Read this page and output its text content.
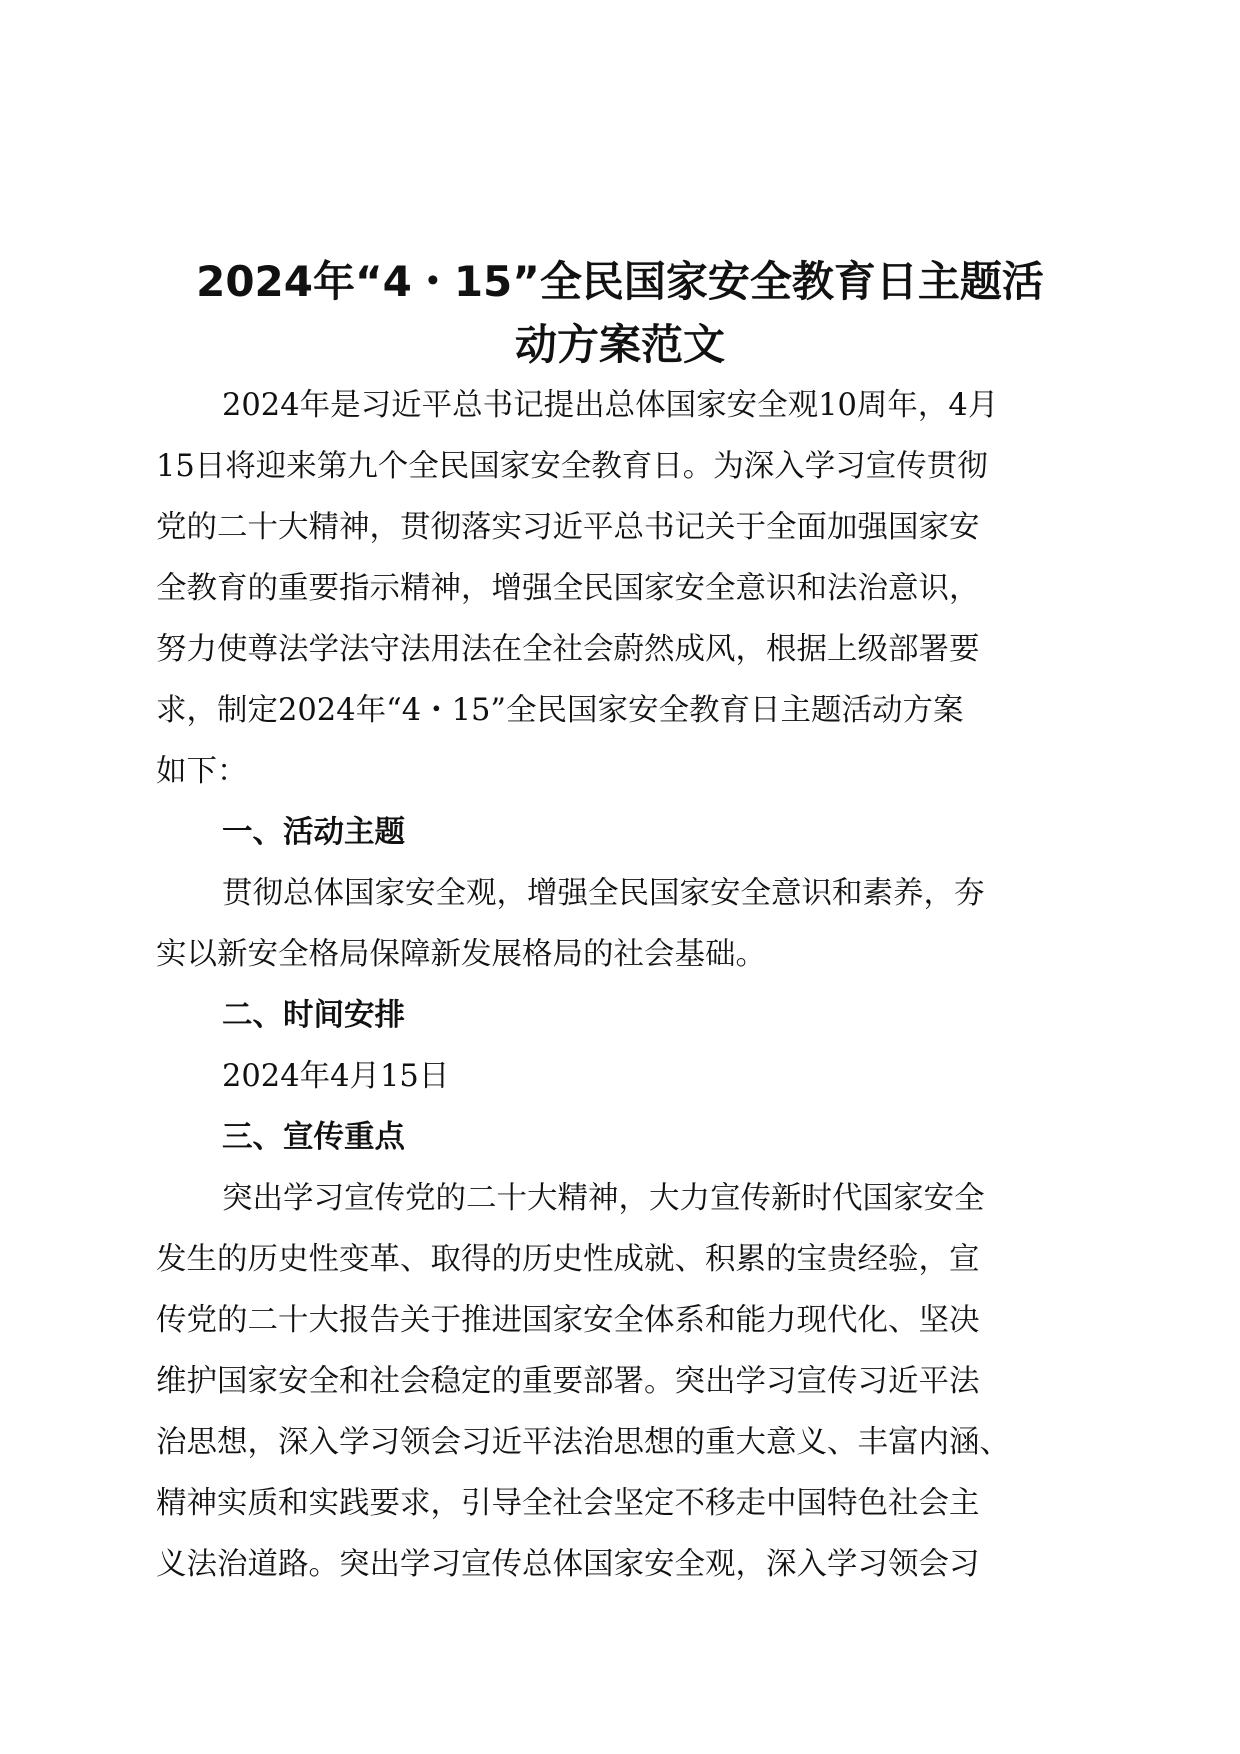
2024年“4・15”全民国家安全教育日主题活
动方案范文
2024年是习近平总书记提出总体国家安全观10周年，4月
15日将迎来第九个全民国家安全教育日。为深入学习宣传贯彻
党的二十大精神，贯彻落实习近平总书记关于全面加强国家安
全教育的重要指示精神，增强全民国家安全意识和法治意识，
努力使尊法学法守法用法在全社会蔚然成风，根据上级部署要
求，制定2024年“4・15”全民国家安全教育日主题活动方案
如下：
一、活动主题
贯彻总体国家安全观，增强全民国家安全意识和素养，夯
实以新安全格局保障新发展格局的社会基础。
二、时间安排
2024年4月15日
三、宣传重点
突出学习宣传党的二十大精神，大力宣传新时代国家安全
发生的历史性变革、取得的历史性成就、积累的宝贵经验，宣
传党的二十大报告关于推进国家安全体系和能力现代化、坚决
维护国家安全和社会稳定的重要部署。突出学习宣传习近平法
治思想，深入学习领会习近平法治思想的重大意义、丰富内涵、
精神实质和实践要求，引导全社会坚定不移走中国特色社会主
义法治道路。突出学习宣传总体国家安全观，深入学习领会习
